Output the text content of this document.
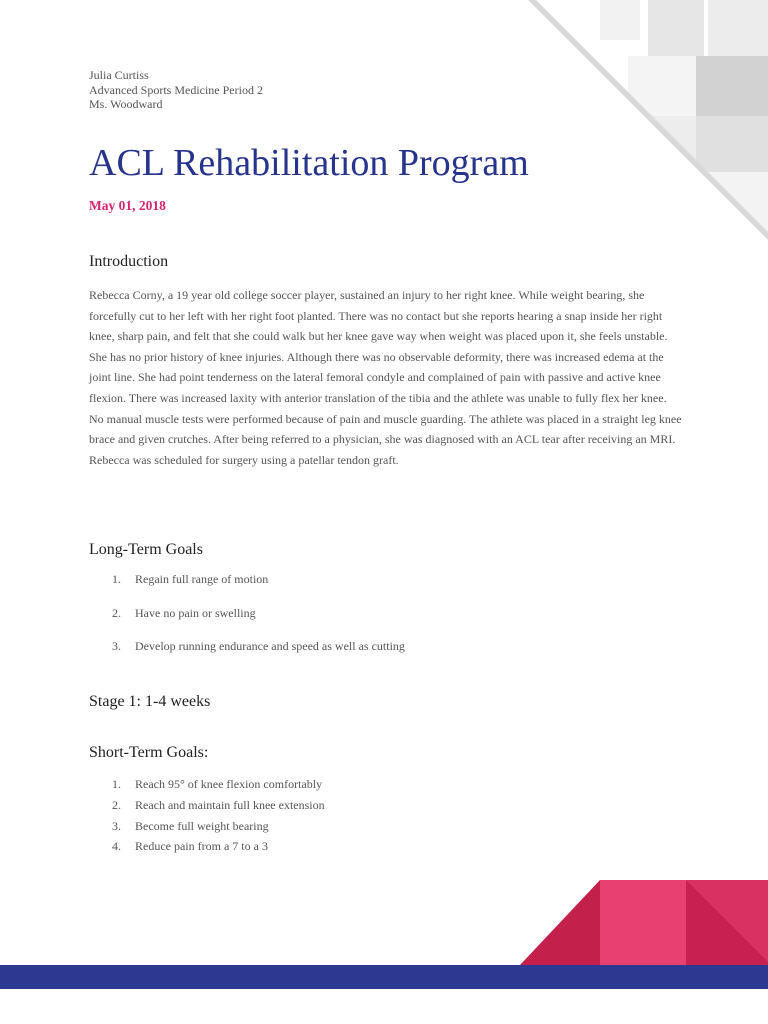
Julia Curtiss
Advanced Sports Medicine Period 2
Ms. Woodward
ACL Rehabilitation Program
May 01, 2018
Introduction

Rebecca Corny, a 19 year old college soccer player, sustained an injury to her right knee. While weight bearing, she forcefully cut to her left with her right foot planted. There was no contact but she reports hearing a snap inside her right knee, sharp pain, and felt that she could walk but her knee gave way when weight was placed upon it, she feels unstable. She has no prior history of knee injuries. Although there was no observable deformity, there was increased edema at the joint line. She had point tenderness on the lateral femoral condyle and complained of pain with passive and active knee flexion. There was increased laxity with anterior translation of the tibia and the athlete was unable to fully flex her knee. No manual muscle tests were performed because of pain and muscle guarding. The athlete was placed in a straight leg knee brace and given crutches. After being referred to a physician, she was diagnosed with an ACL tear after receiving an MRI. Rebecca was scheduled for surgery using a patellar tendon graft.

Long-Term Goals
1. Regain full range of motion
2. Have no pain or swelling
3. Develop running endurance and speed as well as cutting
Stage 1: 1-4 weeks
Short-Term Goals:
1. Reach 95° of knee flexion comfortably
2. Reach and maintain full knee extension
3. Become full weight bearing
4. Reduce pain from a 7 to a 3
